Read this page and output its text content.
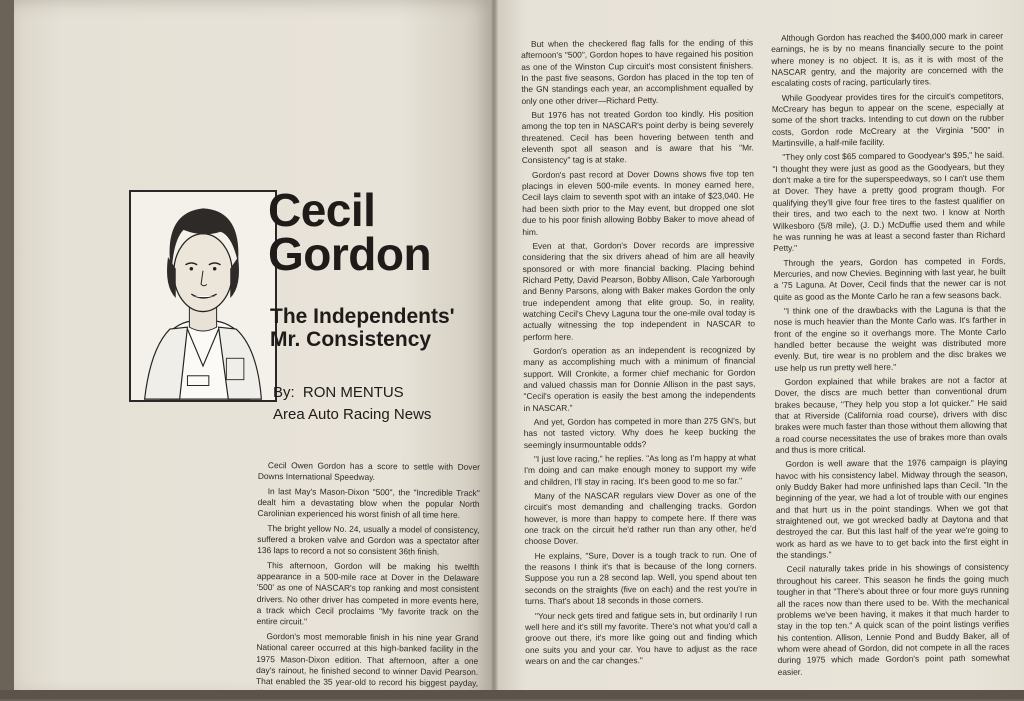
Cecil
Gordon
The Independents'
Mr. Consistency
By: RON MENTUS
Area Auto Racing News

Cecil Owen Gordon has a score to settle with Dover Downs International Speedway.

In last May's Mason-Dixon "500", the "Incredible Track" dealt him a devastating blow when the popular North Carolinian experienced his worst finish of all time here.

The bright yellow No. 24, usually a model of consistency, suffered a broken valve and Gordon was a spectator after 136 laps to record a not so consistent 36th finish.

This afternoon, Gordon will be making his twelfth appearance in a 500-mile race at Dover in the Delaware '500' as one of NASCAR's top ranking and most consistent drivers. No other driver has competed in more events here, a track which Cecil proclaims "My favorite track on the entire circuit."

Gordon's most memorable finish in his nine year Grand National career occurred at this high-banked facility in the 1975 Mason-Dixon edition. That afternoon, after a one day's rainout, he finished second to winner David Pearson. That enabled the 35 year-old to record his biggest payday,

But when the checkered flag falls for the ending of this afternoon's "500", Gordon hopes to have regained his position as one of the Winston Cup circuit's most consistent finishers. In the past five seasons, Gordon has placed in the top ten of the GN standings each year, an accomplishment equalled by only one other driver—Richard Petty.

But 1976 has not treated Gordon too kindly. His position among the top ten in NASCAR's point derby is being severely threatened. Cecil has been hovering between tenth and eleventh spot all season and is aware that his "Mr. Consistency" tag is at stake.

Gordon's past record at Dover Downs shows five top ten placings in eleven 500-mile events. In money earned here, Cecil lays claim to seventh spot with an intake of $23,040. He had been sixth prior to the May event, but dropped one slot due to his poor finish allowing Bobby Baker to move ahead of him.

Even at that, Gordon's Dover records are impressive considering that the six drivers ahead of him are all heavily sponsored or with more financial backing. Placing behind Richard Petty, David Pearson, Bobby Allison, Cale Yarborough and Benny Parsons, along with Baker makes Gordon the only true independent among that elite group. So, in reality, watching Cecil's Chevy Laguna tour the one-mile oval today is actually witnessing the top independent in NASCAR to perform here.

Gordon's operation as an independent is recognized by many as accomplishing much with a minimum of financial support. Will Cronkite, a former chief mechanic for Gordon and valued chassis man for Donnie Allison in the past says, "Cecil's operation is easily the best among the independents in NASCAR."

And yet, Gordon has competed in more than 275 GN's, but has not tasted victory. Why does he keep bucking the seemingly insurmountable odds?

"I just love racing," he replies. "As long as I'm happy at what I'm doing and can make enough money to support my wife and children, I'll stay in racing. It's been good to me so far."

Many of the NASCAR regulars view Dover as one of the circuit's most demanding and challenging tracks. Gordon however, is more than happy to compete here. If there was one track on the circuit he'd rather run than any other, he'd choose Dover.

He explains, "Sure, Dover is a tough track to run. One of the reasons I think it's that is because of the long corners. Suppose you run a 28 second lap. Well, you spend about ten seconds on the straights (five on each) and the rest you're in turns. That's about 18 seconds in those corners.

"Your neck gets tired and fatigue sets in, but ordinarily I run well here and it's still my favorite. There's not what you'd call a groove out there, it's more like going out and finding which one suits you and your car. You have to adjust as the race wears on and the car changes."

Although Gordon has reached the $400,000 mark in career earnings, he is by no means financially secure to the point where money is no object. It is, as it is with most of the NASCAR gentry, and the majority are concerned with the escalating costs of racing, particularly tires.

While Goodyear provides tires for the circuit's competitors, McCreary has begun to appear on the scene, especially at some of the short tracks. Intending to cut down on the rubber costs, Gordon rode McCreary at the Virginia "500" in Martinsville, a half-mile facility.

"They only cost $65 compared to Goodyear's $95," he said. "I thought they were just as good as the Goodyears, but they don't make a tire for the superspeedways, so I can't use them at Dover. They have a pretty good program though. For qualifying they'll give four free tires to the fastest qualifier on their tires, and two each to the next two. I know at North Wilkesboro (5/8 mile), (J. D.) McDuffie used them and while he was running he was at least a second faster than Richard Petty."

Through the years, Gordon has competed in Fords, Mercuries, and now Chevies. Beginning with last year, he built a '75 Laguna. At Dover, Cecil finds that the newer car is not quite as good as the Monte Carlo he ran a few seasons back.

"I think one of the drawbacks with the Laguna is that the nose is much heavier than the Monte Carlo was. It's farther in front of the engine so it overhangs more. The Monte Carlo handled better because the weight was distributed more evenly. But, tire wear is no problem and the disc brakes we use help us run pretty well here."

Gordon explained that while brakes are not a factor at Dover, the discs are much better than conventional drum brakes because, "They help you stop a lot quicker." He said that at Riverside (California road course), drivers with disc brakes were much faster than those without them allowing that a road course necessitates the use of brakes more than ovals and thus is more critical.

Gordon is well aware that the 1976 campaign is playing havoc with his consistency label. Midway through the season, only Buddy Baker had more unfinished laps than Cecil. "In the beginning of the year, we had a lot of trouble with our engines and that hurt us in the point standings. When we got that straightened out, we got wrecked badly at Daytona and that destroyed the car. But this last half of the year we're going to work as hard as we have to to get back into the first eight in the standings."

Cecil naturally takes pride in his showings of consistency throughout his career. This season he finds the going much tougher in that "There's about three or four more guys running all the races now than there used to be. With the mechanical problems we've been having, it makes it that much harder to stay in the top ten." A quick scan of the point listings verifies his contention. Allison, Lennie Pond and Buddy Baker, all of whom were ahead of Gordon, did not compete in all the races during 1975 which made Gordon's point path somewhat easier.
